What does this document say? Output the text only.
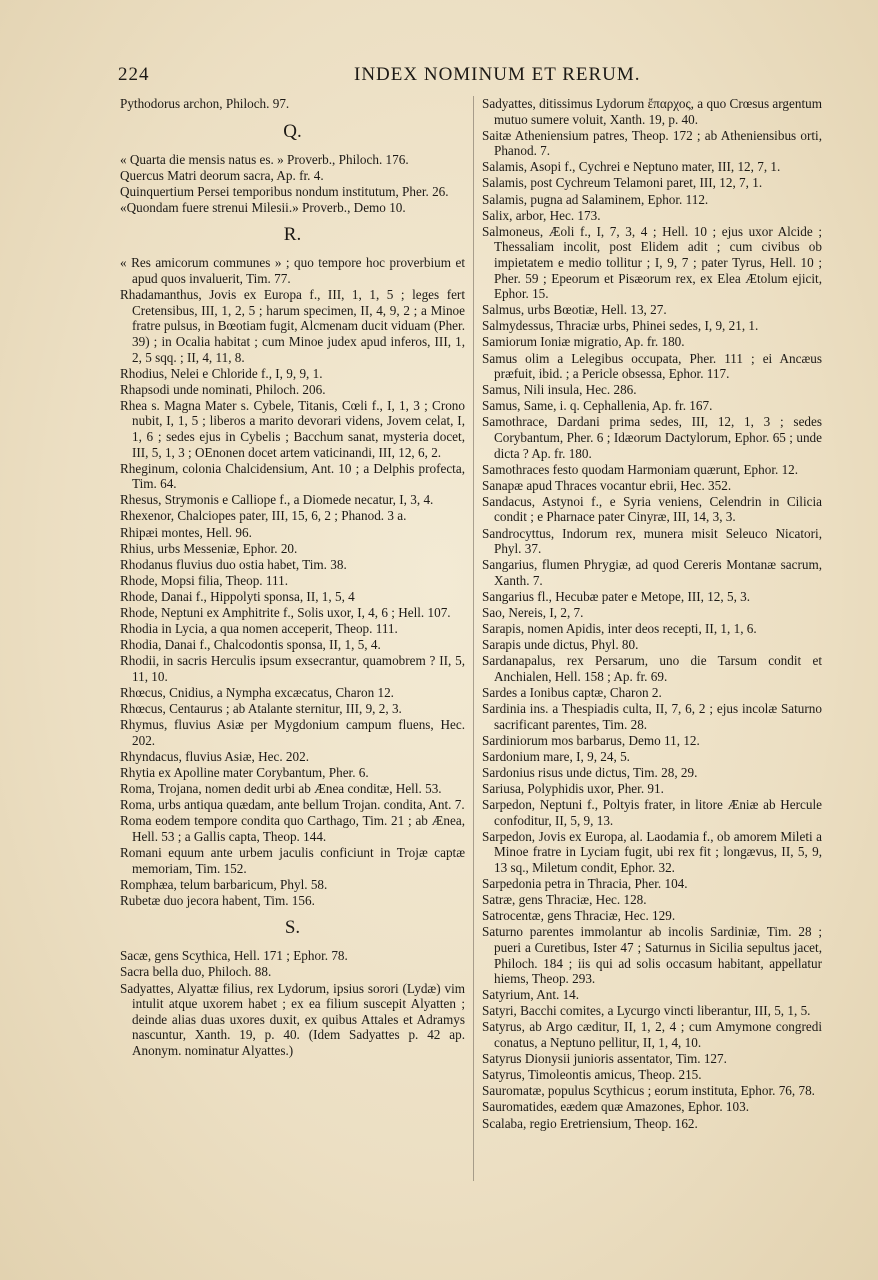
224	INDEX NOMINUM ET RERUM.
Pythodorus archon, Philoch. 97.
Q.
« Quarta die mensis natus es. » Proverb., Philoch. 176.
Quercus Matri deorum sacra, Ap. fr. 4.
Quinquertium Persei temporibus nondum institutum, Pher. 26.
«Quondam fuere strenui Milesii.» Proverb., Demo 10.
R.
« Res amicorum communes » ; quo tempore hoc proverbium et apud quos invaluerit, Tim. 77.
Rhadamanthus, Jovis ex Europa f., III, 1, 1, 5 ; leges fert Cretensibus, III, 1, 2, 5 ; harum specimen, II, 4, 9, 2 ; a Minoe fratre pulsus, in Bœotiam fugit, Alcmenam ducit viduam (Pher. 39) ; in Ocalia habitat ; cum Minoe judex apud inferos, III, 1, 2, 5 sqq. ; II, 4, 11, 8.
Rhodius, Nelei e Chloride f., I, 9, 9, 1.
Rhapsodi unde nominati, Philoch. 206.
Rhea s. Magna Mater s. Cybele, Titanis, Cœli f., I, 1, 3 ; Crono nubit, I, 1, 5 ; liberos a marito devorari videns, Jovem celat, I, 1, 6 ; sedes ejus in Cybelis ; Bacchum sanat, mysteria docet, III, 5, 1, 3 ; OEnonen docet artem vaticinandi, III, 12, 6, 2.
Rheginum, colonia Chalcidensium, Ant. 10 ; a Delphis profecta, Tim. 64.
Rhesus, Strymonis e Calliope f., a Diomede necatur, I, 3, 4.
Rhexenor, Chalciopes pater, III, 15, 6, 2 ; Phanod. 3 a.
Rhipæi montes, Hell. 96.
Rhius, urbs Messeniæ, Ephor. 20.
Rhodanus fluvius duo ostia habet, Tim. 38.
Rhode, Mopsi filia, Theop. 111.
Rhode, Danai f., Hippolyti sponsa, II, 1, 5, 4
Rhode, Neptuni ex Amphitrite f., Solis uxor, I, 4, 6 ; Hell. 107.
Rhodia in Lycia, a qua nomen acceperit, Theop. 111.
Rhodia, Danai f., Chalcodontis sponsa, II, 1, 5, 4.
Rhodii, in sacris Herculis ipsum exsecrantur, quamobrem ? II, 5, 11, 10.
Rhœcus, Cnidius, a Nympha excæcatus, Charon 12.
Rhœcus, Centaurus ; ab Atalante sternitur, III, 9, 2, 3.
Rhymus, fluvius Asiæ per Mygdonium campum fluens, Hec. 202.
Rhyndacus, fluvius Asiæ, Hec. 202.
Rhytia ex Apolline mater Corybantum, Pher. 6.
Roma, Trojana, nomen dedit urbi ab Ænea conditæ, Hell. 53.
Roma, urbs antiqua quædam, ante bellum Trojan. condita, Ant. 7.
Roma eodem tempore condita quo Carthago, Tim. 21 ; ab Ænea, Hell. 53 ; a Gallis capta, Theop. 144.
Romani equum ante urbem jaculis conficiunt in Trojæ captæ memoriam, Tim. 152.
Romphæa, telum barbaricum, Phyl. 58.
Rubetæ duo jecora habent, Tim. 156.
S.
Sacæ, gens Scythica, Hell. 171 ; Ephor. 78.
Sacra bella duo, Philoch. 88.
Sadyattes, Alyattæ filius, rex Lydorum, ipsius sorori (Lydæ) vim intulit atque uxorem habet ; ex ea filium suscepit Alyatten ; deinde alias duas uxores duxit, ex quibus Attales et Adramys nascuntur, Xanth. 19, p. 40. (Idem Sadyattes p. 42 ap. Anonym. nominatur Alyattes.)
Sadyattes, ditissimus Lydorum ἔπαρχος, a quo Crœsus argentum mutuo sumere voluit, Xanth. 19, p. 40.
Saitæ Atheniensium patres, Theop. 172 ; ab Atheniensibus orti, Phanod. 7.
Salamis, Asopi f., Cychrei e Neptuno mater, III, 12, 7, 1.
Salamis, post Cychreum Telamoni paret, III, 12, 7, 1.
Salamis, pugna ad Salaminem, Ephor. 112.
Salix, arbor, Hec. 173.
Salmoneus, Æoli f., I, 7, 3, 4 ; Hell. 10 ; ejus uxor Alcide ; Thessaliam incolit, post Elidem adit ; cum civibus ob impietatem e medio tollitur ; I, 9, 7 ; pater Tyrus, Hell. 10 ; Pher. 59 ; Epeorum et Pisæorum rex, ex Elea Ætolum ejicit, Ephor. 15.
Salmus, urbs Bœotiæ, Hell. 13, 27.
Salmydessus, Thraciæ urbs, Phinei sedes, I, 9, 21, 1.
Samiorum Ioniæ migratio, Ap. fr. 180.
Samus olim a Lelegibus occupata, Pher. 111 ; ei Ancæus præfuit, ibid. ; a Pericle obsessa, Ephor. 117.
Samus, Nili insula, Hec. 286.
Samus, Same, i. q. Cephallenia, Ap. fr. 167.
Samothrace, Dardani prima sedes, III, 12, 1, 3 ; sedes Corybantum, Pher. 6 ; Idæorum Dactylorum, Ephor. 65 ; unde dicta ? Ap. fr. 180.
Samothraces festo quodam Harmoniam quærunt, Ephor. 12.
Sanapæ apud Thraces vocantur ebrii, Hec. 352.
Sandacus, Astynoi f., e Syria veniens, Celendrin in Cilicia condit ; e Pharnace pater Cinyræ, III, 14, 3, 3.
Sandrocyttus, Indorum rex, munera misit Seleuco Nicatori, Phyl. 37.
Sangarius, flumen Phrygiæ, ad quod Cereris Montanæ sacrum, Xanth. 7.
Sangarius fl., Hecubæ pater e Metope, III, 12, 5, 3.
Sao, Nereis, I, 2, 7.
Sarapis, nomen Apidis, inter deos recepti, II, 1, 1, 6.
Sarapis unde dictus, Phyl. 80.
Sardanapalus, rex Persarum, uno die Tarsum condit et Anchialen, Hell. 158 ; Ap. fr. 69.
Sardes a Ionibus captæ, Charon 2.
Sardinia ins. a Thespiadis culta, II, 7, 6, 2 ; ejus incolæ Saturno sacrificant parentes, Tim. 28.
Sardiniorum mos barbarus, Demo 11, 12.
Sardonium mare, I, 9, 24, 5.
Sardonius risus unde dictus, Tim. 28, 29.
Sariusa, Polyphidis uxor, Pher. 91.
Sarpedon, Neptuni f., Poltyis frater, in litore Æniæ ab Hercule confoditur, II, 5, 9, 13.
Sarpedon, Jovis ex Europa, al. Laodamia f., ob amorem Mileti a Minoe fratre in Lyciam fugit, ubi rex fit ; longævus, II, 5, 9, 13 sq., Miletum condit, Ephor. 32.
Sarpedonia petra in Thracia, Pher. 104.
Satræ, gens Thraciæ, Hec. 128.
Satrocentæ, gens Thraciæ, Hec. 129.
Saturno parentes immolantur ab incolis Sardiniæ, Tim. 28 ; pueri a Curetibus, Ister 47 ; Saturnus in Sicilia sepultus jacet, Philoch. 184 ; iis qui ad solis occasum habitant, appellatur hiems, Theop. 293.
Satyrium, Ant. 14.
Satyri, Bacchi comites, a Lycurgo vincti liberantur, III, 5, 1, 5.
Satyrus, ab Argo cæditur, II, 1, 2, 4 ; cum Amymone congredi conatus, a Neptuno pellitur, II, 1, 4, 10.
Satyrus Dionysii junioris assentator, Tim. 127.
Satyrus, Timoleontis amicus, Theop. 215.
Sauromatæ, populus Scythicus ; eorum instituta, Ephor. 76, 78.
Sauromatides, eædem quæ Amazones, Ephor. 103.
Scalaba, regio Eretriensium, Theop. 162.
